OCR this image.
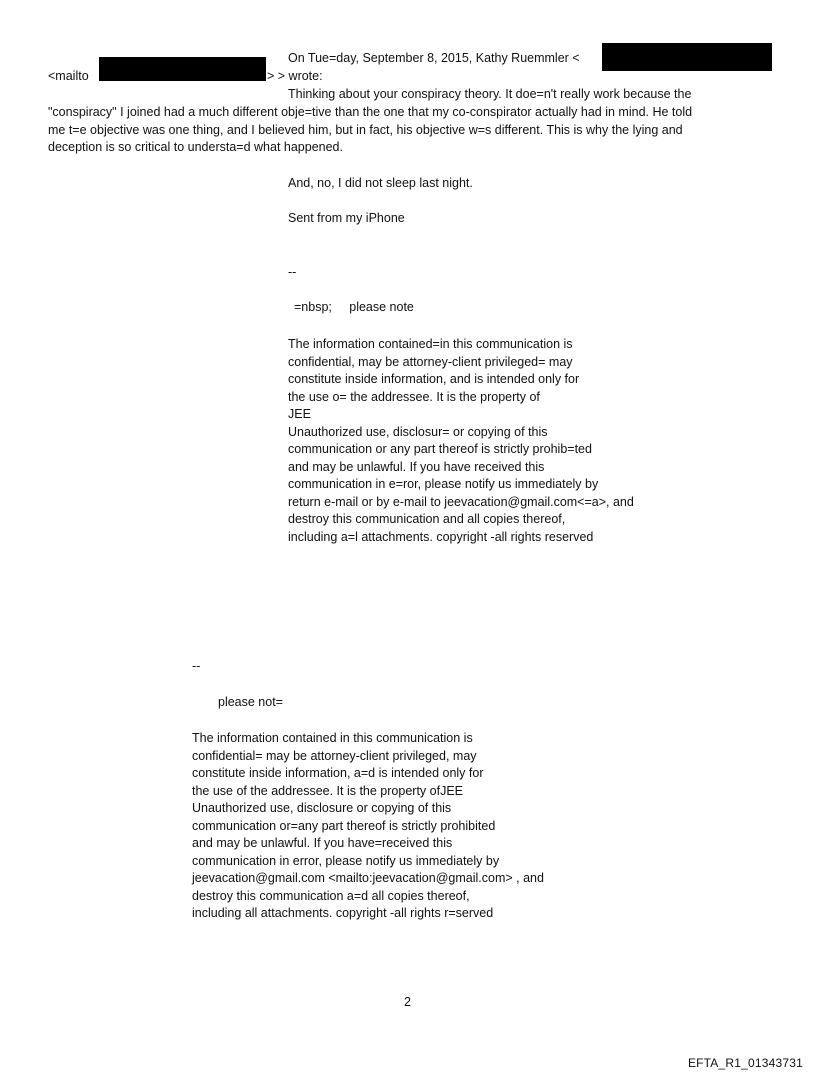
On Tue=day, September 8, 2015, Kathy Ruemmler <
<mailto	> > wrote:
Thinking about your conspiracy theory. It doe=n't really work because the
"conspiracy" I joined had a much different obje=tive than the one that my co-conspirator actually had in mind. He told
me t=e objective was one thing, and I believed him, but in fact, his objective w=s different. This is why the lying and
deception is so critical to understa=d what happened.
And, no, I did not sleep last night.
Sent from my iPhone
--
=nbsp;     please note
The information contained=in this communication is
confidential, may be attorney-client privileged= may
constitute inside information, and is intended only for
the use o= the addressee. It is the property of
JEE
Unauthorized use, disclosur= or copying of this
communication or any part thereof is strictly prohib=ted
and may be unlawful. If you have received this
communication in e=ror, please notify us immediately by
return e-mail or by e-mail to jeevacation@gmail.com<=a>, and
destroy this communication and all copies thereof,
including a=l attachments. copyright -all rights reserved
--
please not=
The information contained in this communication is
confidential= may be attorney-client privileged, may
constitute inside information, a=d is intended only for
the use of the addressee. It is the property ofJEE
Unauthorized use, disclosure or copying of this
communication or=any part thereof is strictly prohibited
and may be unlawful. If you have=received this
communication in error, please notify us immediately by
jeevacation@gmail.com <mailto:jeevacation@gmail.com> , and
destroy this communication a=d all copies thereof,
including all attachments. copyright -all rights r=served
2
EFTA_R1_01343731
